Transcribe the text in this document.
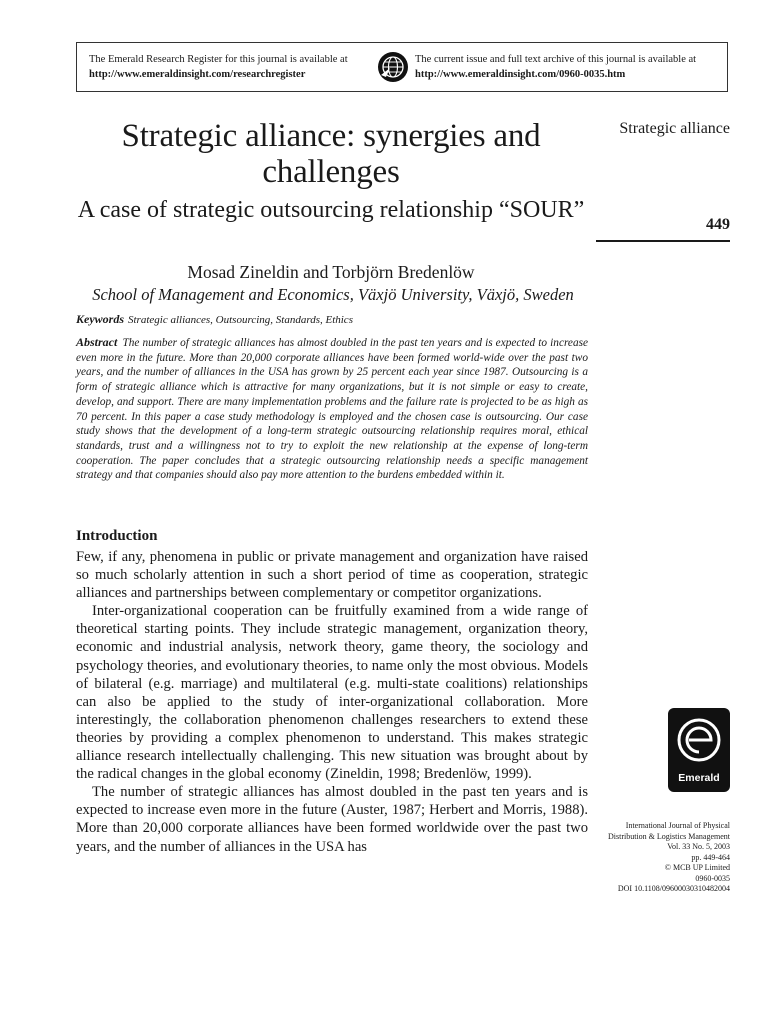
The Emerald Research Register for this journal is available at
http://www.emeraldinsight.com/researchregister
The current issue and full text archive of this journal is available at
http://www.emeraldinsight.com/0960-0035.htm
Strategic alliance: synergies and challenges
A case of strategic outsourcing relationship “SOUR”
Mosad Zineldin and Torbjörn Bredenlöw
School of Management and Economics, Växjö University, Växjö, Sweden
Keywords Strategic alliances, Outsourcing, Standards, Ethics
Abstract The number of strategic alliances has almost doubled in the past ten years and is expected to increase even more in the future. More than 20,000 corporate alliances have been formed world-wide over the past two years, and the number of alliances in the USA has grown by 25 percent each year since 1987. Outsourcing is a form of strategic alliance which is attractive for many organizations, but it is not simple or easy to create, develop, and support. There are many implementation problems and the failure rate is projected to be as high as 70 percent. In this paper a case study methodology is employed and the chosen case is outsourcing. Our case study shows that the development of a long-term strategic outsourcing relationship requires moral, ethical standards, trust and a willingness not to try to exploit the new relationship at the expense of long-term cooperation. The paper concludes that a strategic outsourcing relationship needs a specific management strategy and that companies should also pay more attention to the burdens embedded within it.
Introduction

Few, if any, phenomena in public or private management and organization have raised so much scholarly attention in such a short period of time as cooperation, strategic alliances and partnerships between complementary or competitor organizations.

Inter-organizational cooperation can be fruitfully examined from a wide range of theoretical starting points. They include strategic management, organization theory, economic and industrial analysis, network theory, game theory, the sociology and psychology theories, and evolutionary theories, to name only the most obvious. Models of bilateral (e.g. marriage) and multilateral (e.g. multi-state coalitions) relationships can also be applied to the study of inter-organizational collaboration. More interestingly, the collaboration phenomenon challenges researchers to extend these theories by providing a complex phenomenon to understand. This makes strategic alliance research intellectually challenging. This new situation was brought about by the radical changes in the global economy (Zineldin, 1998; Bredenlöw, 1999).

The number of strategic alliances has almost doubled in the past ten years and is expected to increase even more in the future (Auster, 1987; Herbert and Morris, 1988). More than 20,000 corporate alliances have been formed worldwide over the past two years, and the number of alliances in the USA has

Strategic alliance
449
Emerald
International Journal of Physical
Distribution & Logistics Management
Vol. 33 No. 5, 2003
pp. 449-464
© MCB UP Limited
0960-0035
DOI 10.1108/09600030310482004
